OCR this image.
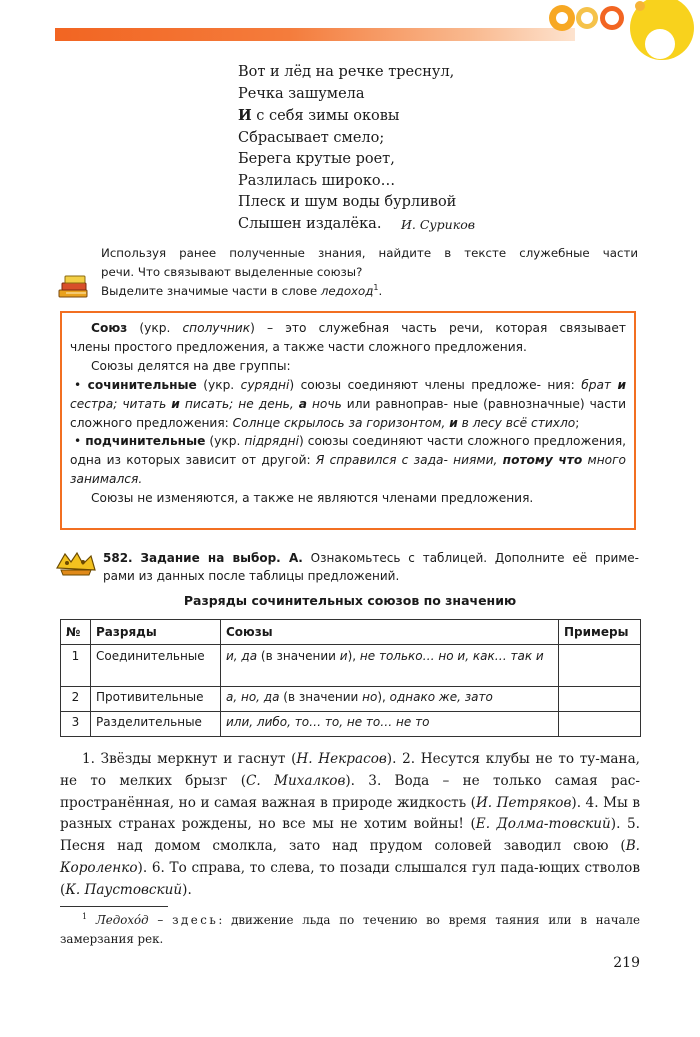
Вот и лёд на речке треснул,
Речка зашумела
И с себя зимы оковы
Сбрасывает смело;
Берега крутые роет,
Разлилась широко…
Плеск и шум воды бурливой
Слышен издалёка.	И. Суриков

Используя ранее полученные знания, найдите в тексте служебные части

речи. Что связывают выделенные союзы?

Выделите значимые части в слове ледоход$^1$.

Союз (укр. сполучник) – это служебная часть речи, которая связывает

члены простого предложения, а также части сложного предложения.

Союзы делятся на две группы:

• сочинительные (укр. сурядні) союзы соединяют члены предложе- ния: брат и сестра; читать и писать; не день, а ночь или равноправ- ные (равнозначные) части сложного предложения: Солнце скрылось за горизонтом, и в лесу всё стихло;

• подчинительные (укр. підрядні) союзы соединяют части сложного предложения, одна из которых зависит от другой: Я справился с зада- ниями, потому что много занимался.

Союзы не изменяются, а также не являются членами предложения.

582. Задание на выбор. А. Ознакомьтесь с таблицей. Дополните её приме-

рами из данных после таблицы предложений.

Разряды сочинительных союзов по значению
№	Разряды	Союзы	Примеры
1	Соединительные	и, да (в значении и), не только… но и, как… так и	
2	Противительные	а, но, да (в значении но), однако же, зато	
3	Разделительные	или, либо, то… то, не то… не то	

1. Звёзды меркнут и гаснут (Н. Некрасов). 2. Несутся клубы не то ту-мана, не то мелких брызг (С. Михалков). 3. Вода – не только самая рас-пространённая, но и самая важная в природе жидкость (И. Петряков). 4. Мы в разных странах рождены, но все мы не хотим войны! (Е. Долма-товский). 5. Песня над домом смолкла, зато над прудом соловей заводил свою (В. Короленко). 6. То справа, то слева, то позади слышался гул пада-ющих стволов (К. Паустовский).

$^1$ Ледохóд – здесь: движение льда по течению во время таяния или в начале замерзания рек.

219
